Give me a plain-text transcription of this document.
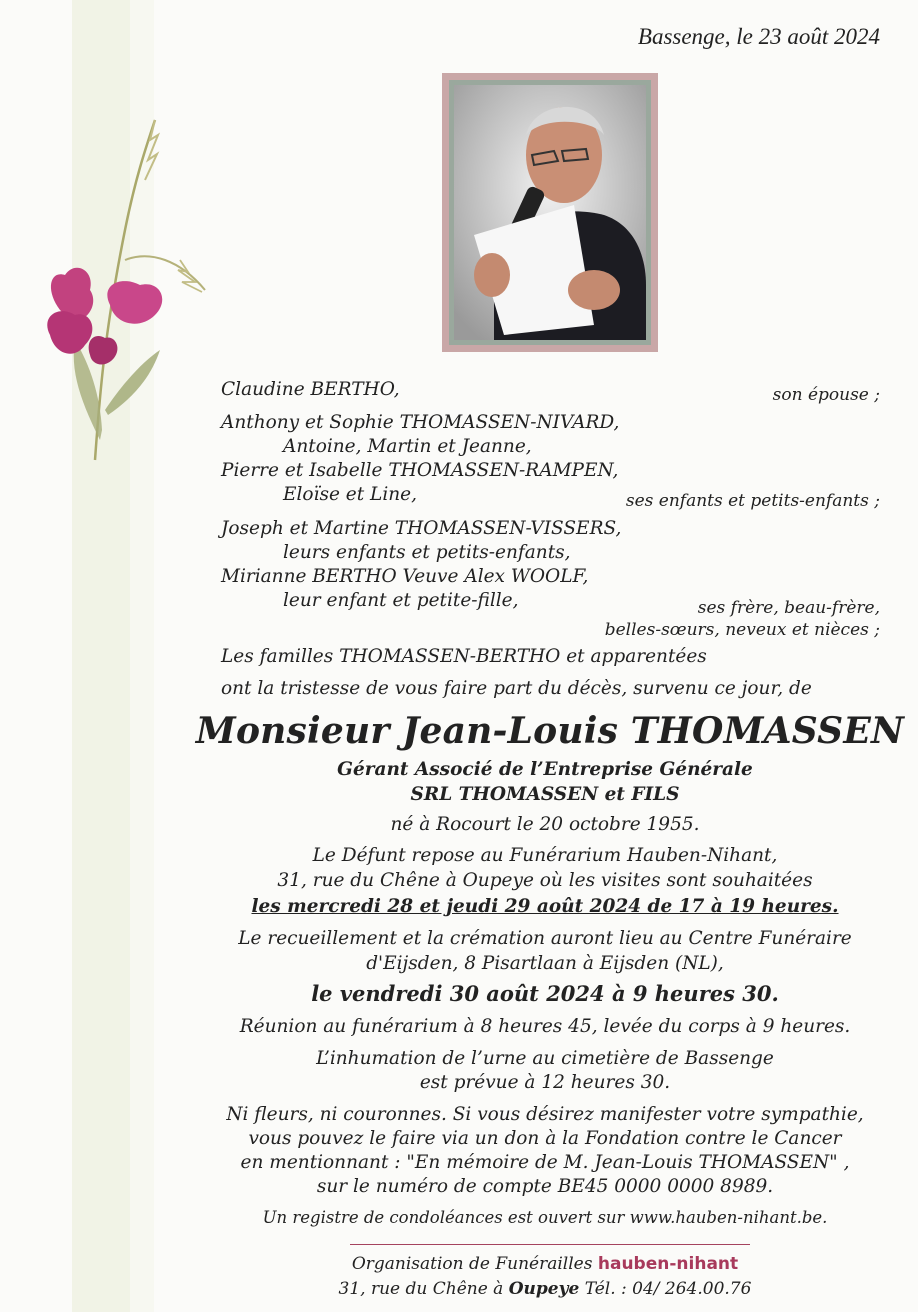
Bassenge, le 23 août 2024
Claudine BERTHO,	son épouse ;
Anthony et Sophie THOMASSEN-NIVARD,
Antoine, Martin et Jeanne,
Pierre et Isabelle THOMASSEN-RAMPEN,
Eloïse et Line,	ses enfants et petits-enfants ;
Joseph et Martine THOMASSEN-VISSERS,
leurs enfants et petits-enfants,
Mirianne BERTHO Veuve Alex WOOLF,
leur enfant et petite-fille,	ses frère, beau-frère,
belles-sœurs, neveux et nièces ;
Les familles THOMASSEN-BERTHO et apparentées
ont la tristesse de vous faire part du décès, survenu ce jour, de
Monsieur Jean-Louis THOMASSEN
Gérant Associé de l’Entreprise Générale
SRL THOMASSEN et FILS
né à Rocourt le 20 octobre 1955.
Le Défunt repose au Funérarium Hauben-Nihant,
31, rue du Chêne à Oupeye où les visites sont souhaitées
les mercredi 28 et jeudi 29 août 2024 de 17 à 19 heures.
Le recueillement et la crémation auront lieu au Centre Funéraire
d'Eijsden, 8 Pisartlaan à Eijsden (NL),
le vendredi 30 août 2024 à 9 heures 30.
Réunion au funérarium à 8 heures 45, levée du corps à 9 heures.
L’inhumation de l’urne au cimetière de Bassenge
est prévue à 12 heures 30.
Ni fleurs, ni couronnes. Si vous désirez manifester votre sympathie,
vous pouvez le faire via un don à la Fondation contre le Cancer
en mentionnant : "En mémoire de M. Jean-Louis THOMASSEN" ,
sur le numéro de compte BE45 0000 0000 8989.
Un registre de condoléances est ouvert sur www.hauben-nihant.be.
Organisation de Funérailles hauben-nihant
31, rue du Chêne à Oupeye Tél. : 04/ 264.00.76
